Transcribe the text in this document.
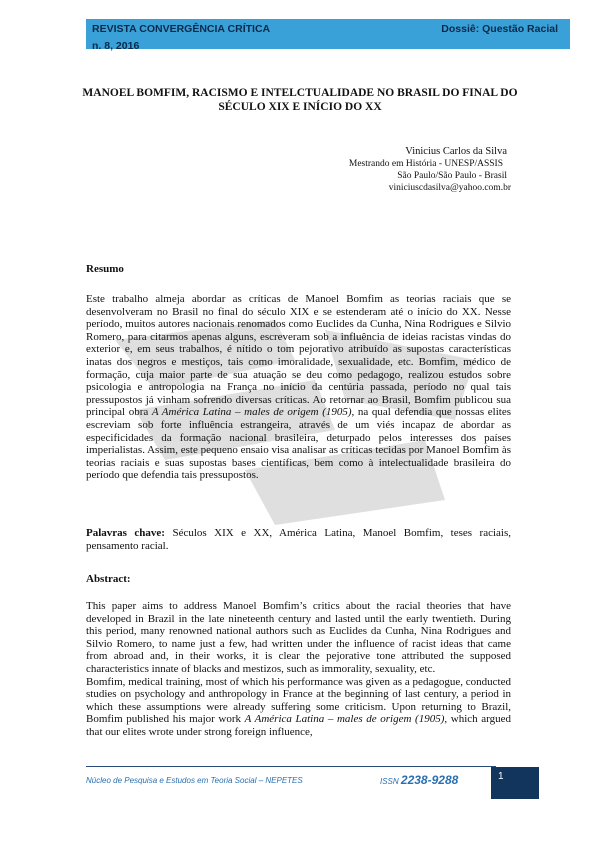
REVISTA CONVERGÊNCIA CRÍTICA
n. 8, 2016
Dossiê: Questão Racial
MANOEL BOMFIM, RACISMO E INTELCTUALIDADE NO BRASIL DO FINAL DO SÉCULO XIX E INÍCIO DO XX
Vinicius Carlos da Silva
Mestrando em História - UNESP/ASSIS
São Paulo/São Paulo - Brasil
viniciuscdasilva@yahoo.com.br
Resumo
Este trabalho almeja abordar as críticas de Manoel Bomfim as teorias raciais que se desenvolveram no Brasil no final do século XIX e se estenderam até o início do XX. Nesse período, muitos autores nacionais renomados como Euclides da Cunha, Nina Rodrigues e Silvio Romero, para citarmos apenas alguns, escreveram sob a influência de ideias racistas vindas do exterior e, em seus trabalhos, é nítido o tom pejorativo atribuído as supostas características inatas dos negros e mestiços, tais como imoralidade, sexualidade, etc. Bomfim, médico de formação, cuja maior parte de sua atuação se deu como pedagogo, realizou estudos sobre psicologia e antropologia na França no início da centúria passada, período no qual tais pressupostos já vinham sofrendo diversas críticas. Ao retornar ao Brasil, Bomfim publicou sua principal obra A América Latina – males de origem (1905), na qual defendia que nossas elites escreviam sob forte influência estrangeira, através de um viés incapaz de abordar as especificidades da formação nacional brasileira, deturpado pelos interesses dos países imperialistas. Assim, este pequeno ensaio visa analisar as críticas tecidas por Manoel Bomfim às teorias raciais e suas supostas bases científicas, bem como à intelectualidade brasileira do período que defendia tais pressupostos.
Palavras chave: Séculos XIX e XX, América Latina, Manoel Bomfim, teses raciais, pensamento racial.
Abstract:

This paper aims to address Manoel Bomfim’s critics about the racial theories that have developed in Brazil in the late nineteenth century and lasted until the early twentieth. During this period, many renowned national authors such as Euclides da Cunha, Nina Rodrigues and Silvio Romero, to name just a few, had written under the influence of racist ideas that came from abroad and, in their works, it is clear the pejorative tone attributed the supposed characteristics innate of blacks and mestizos, such as immorality, sexuality, etc.

Bomfim, medical training, most of which his performance was given as a pedagogue, conducted studies on psychology and anthropology in France at the beginning of last century, a period in which these assumptions were already suffering some criticism. Upon returning to Brazil, Bomfim published his major work A América Latina – males de origem (1905), which argued that our elites wrote under strong foreign influence,

Núcleo de Pesquisa e Estudos em Teoria Social – NEPETES	ISSN 2238-9288	1
